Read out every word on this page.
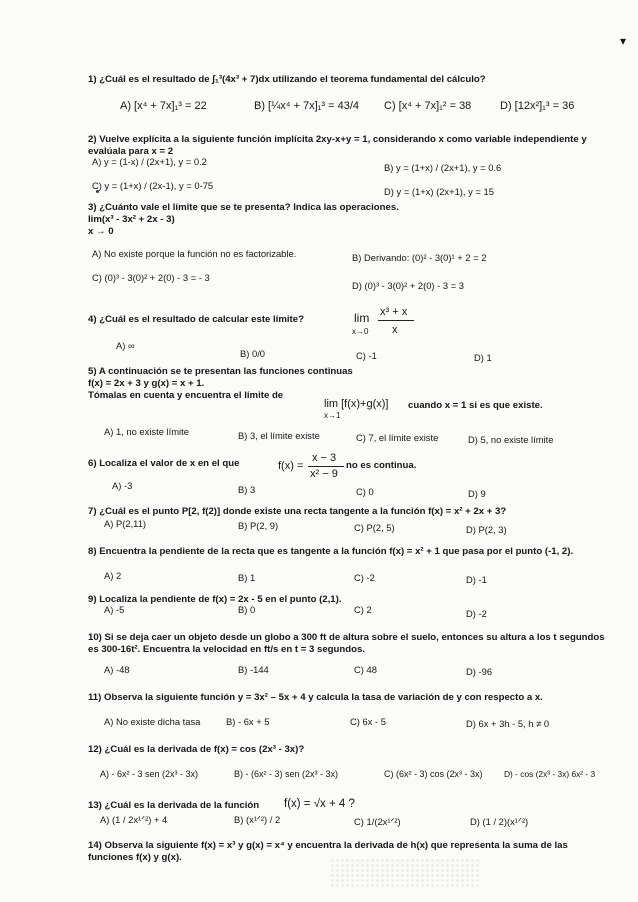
▾
1) ¿Cuál es el resultado de ∫₁³(4x³ + 7)dx utilizando el teorema fundamental del cálculo?
A) [x⁴ + 7x]₁³ = 22	B) [¼x⁴ + 7x]₁³ = 43/4 C) [x⁴ + 7x]₁² = 38	D) [12x²]₁³ = 36
2) Vuelve explícita a la siguiente función implícita 2xy-x+y = 1, considerando x como variable independiente y evalúala para x = 2
A) y = (1-x) / (2x+1), y = 0.2
B) y = (1+x) / (2x+1), y = 0.6
C) y = (1+x) / (2x-1), y = 0-75
D) y = (1+x) (2x+1), y = 15
3) ¿Cuánto vale el límite que se te presenta? Indica las operaciones.
lim(x³ - 3x² + 2x - 3)
x → 0
A) No existe porque la función no es factorizable.	B) Derivando: (0)² - 3(0)¹ + 2 = 2
C) (0)³ - 3(0)² + 2(0) - 3 = - 3
D) (0)³ - 3(0)² + 2(0) - 3 = 3
4) ¿Cuál es el resultado de calcular este límite?	lim
x→0
x³ + x
x
A) ∞
B) 0/0	C) -1	D) 1
5) A continuación se te presentan las funciones continuas
f(x) = 2x + 3 y g(x) = x + 1.
Tómalas en cuenta y encuentra el límite de
lim [f(x)+g(x)]
x→1
cuando x = 1 si es que existe.
A) 1, no existe límite	B) 3, el límite existe	C) 7, el límite existe	D) 5, no existe límite
6) Localiza el valor de x en el que	f(x) =
x − 3
x² − 9
no es continua.
A) -3	B) 3	C) 0	D) 9
7) ¿Cuál es el punto P[2, f(2)] donde existe una recta tangente a la función f(x) = x² + 2x + 3?
A) P(2,11)	B) P(2, 9)	C) P(2, 5)	D) P(2, 3)
8) Encuentra la pendiente de la recta que es tangente a la función f(x) = x² + 1 que pasa por el punto (-1, 2).
A) 2	B) 1	C) -2	D) -1
9) Localiza la pendiente de f(x) = 2x - 5 en el punto (2,1).
A) -5	B) 0	C) 2	D) -2
10) Si se deja caer un objeto desde un globo a 300 ft de altura sobre el suelo, entonces su altura a los t segundos es 300-16t². Encuentra la velocidad en ft/s en t = 3 segundos.
A) -48	B) -144	C) 48	D) -96
11) Observa la siguiente función y = 3x² – 5x + 4 y calcula la tasa de variación de y con respecto a x.
A) No existe dicha tasa	B) - 6x + 5	C) 6x - 5	D) 6x + 3h - 5, h ≠ 0
12) ¿Cuál es la derivada de f(x) = cos (2x³ - 3x)?
A) - 6x² - 3 sen (2x³ - 3x)	B) - (6x² - 3) sen (2x³ - 3x)	C) (6x² - 3) cos (2x³ - 3x)	D) - cos (2x³ - 3x) 6x² - 3
13) ¿Cuál es la derivada de la función f(x) = √x + 4 ?
A) (1 / 2x¹ᐟ²) + 4	B) (x¹ᐟ²) / 2	C) 1/(2x¹ᐟ²)	D) (1 / 2)(x¹ᐟ²)
14) Observa la siguiente f(x) = x³ y g(x) = x⁴ y encuentra la derivada de h(x) que representa la suma de las funciones f(x) y g(x).
